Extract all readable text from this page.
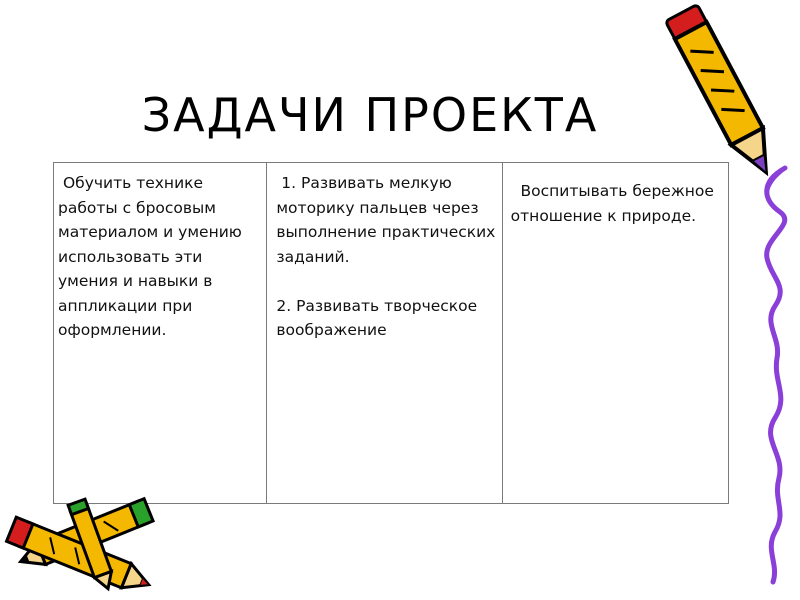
ЗАДАЧИ ПРОЕКТА
Обучить технике работы с бросовым материалом и умению использовать эти умения и навыки в аппликации при оформлении.
1. Развивать мелкую моторику пальцев через выполнение практических заданий.

2. Развивать творческое воображение
Воспитывать бережное отношение к природе.
